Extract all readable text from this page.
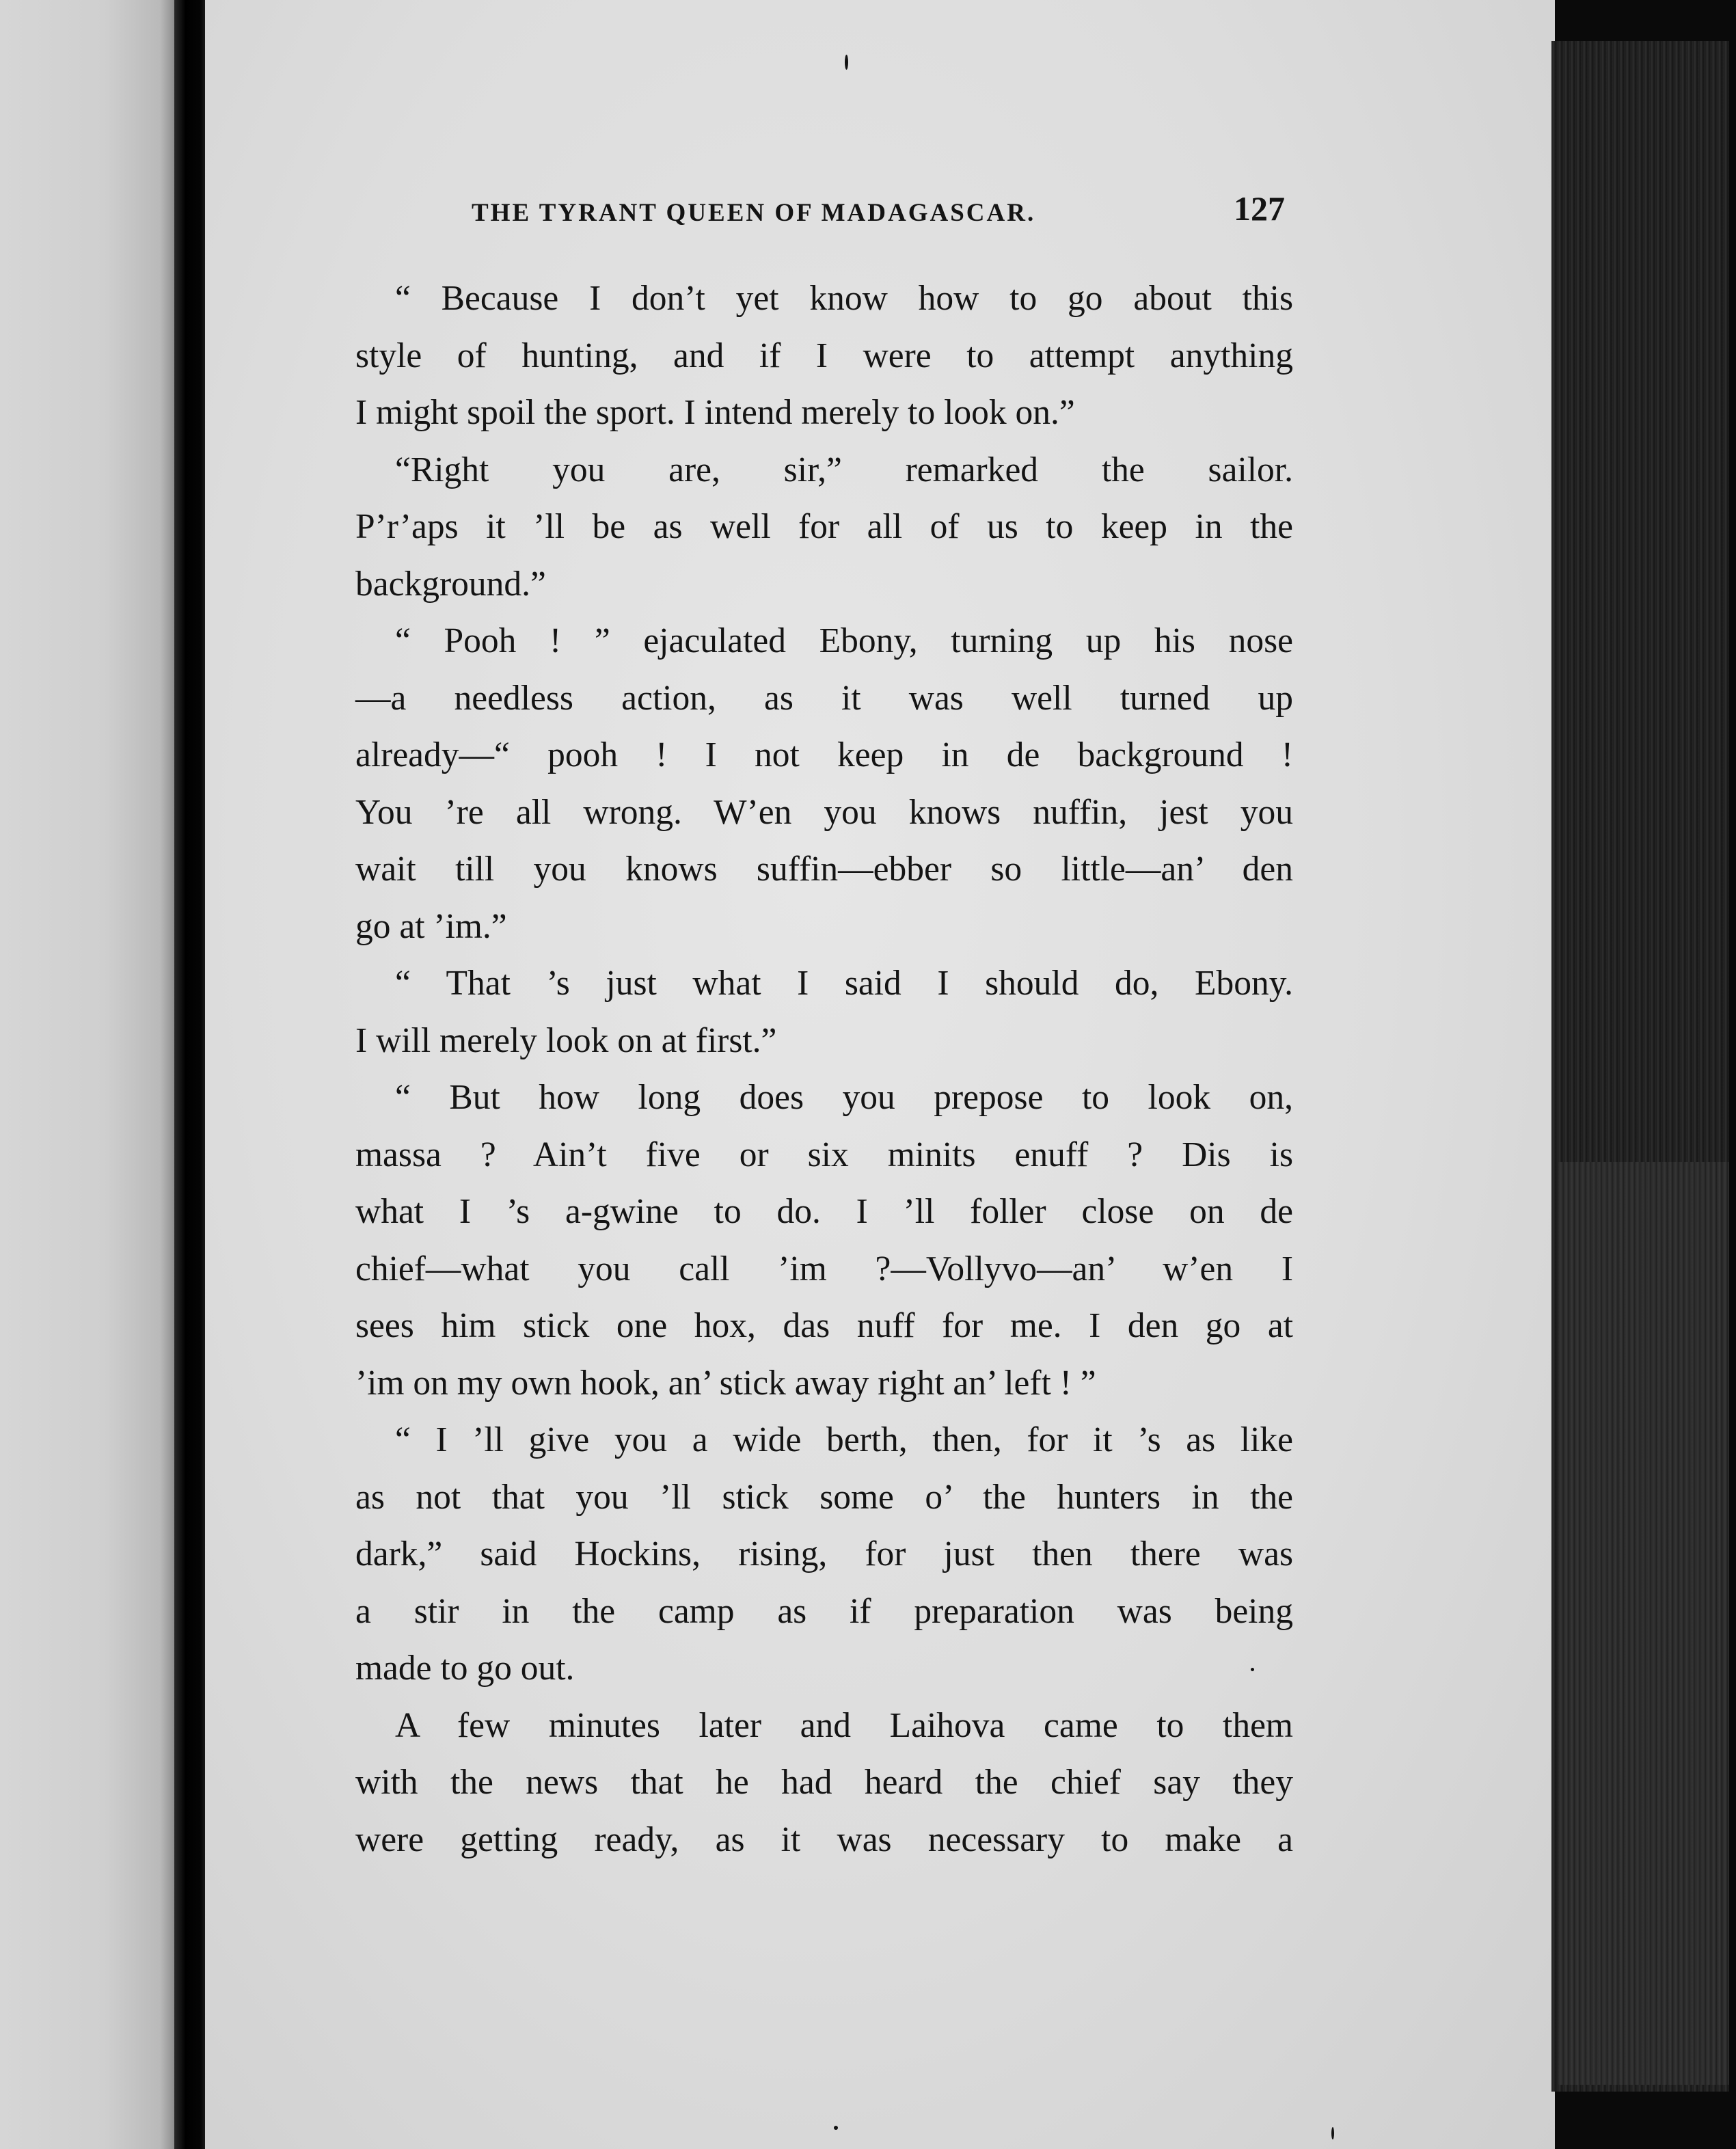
THE TYRANT QUEEN OF MADAGASCAR.	127

“ Because I don’t yet know how to go about this
style of hunting, and if I were to attempt anything
I might spoil the sport. I intend merely to look on.”

“Right you are, sir,” remarked the sailor.
P’r’aps it ’ll be as well for all of us to keep in the
background.”

“ Pooh ! ” ejaculated Ebony, turning up his nose
—a needless action, as it was well turned up
already—“ pooh ! I not keep in de background !
You ’re all wrong. W’en you knows nuffin, jest you
wait till you knows suffin—ebber so little—an’ den
go at ’im.”

“ That ’s just what I said I should do, Ebony.
I will merely look on at first.”

“ But how long does you prepose to look on,
massa ? Ain’t five or six minits enuff ? Dis is
what I ’s a-gwine to do. I ’ll foller close on de
chief—what you call ’im ?—Vollyvo—an’ w’en I
sees him stick one hox, das nuff for me. I den go at
’im on my own hook, an’ stick away right an’ left ! ”

“ I ’ll give you a wide berth, then, for it ’s as like
as not that you ’ll stick some o’ the hunters in the
dark,” said Hockins, rising, for just then there was
a stir in the camp as if preparation was being
made to go out.

A few minutes later and Laihova came to them
with the news that he had heard the chief say they
were getting ready, as it was necessary to make a
